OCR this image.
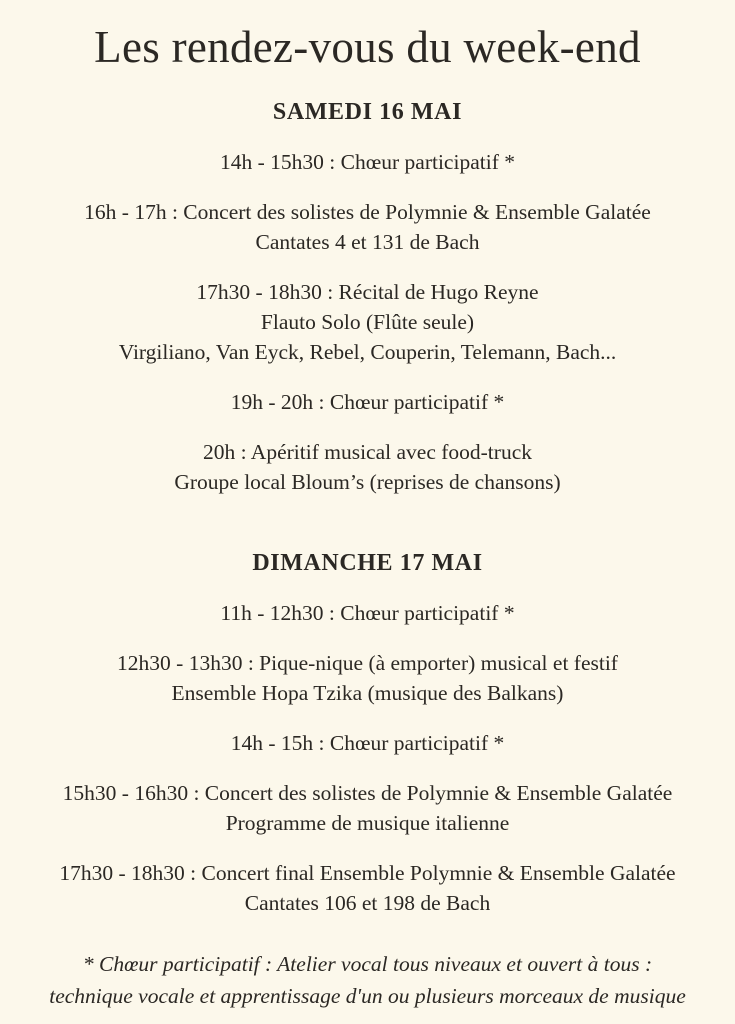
Les rendez-vous du week-end
SAMEDI 16 MAI

14h - 15h30 : Chœur participatif *

16h - 17h : Concert des solistes de Polymnie & Ensemble Galatée
Cantates 4 et 131 de Bach

17h30 - 18h30 : Récital de Hugo Reyne
Flauto Solo (Flûte seule)
Virgiliano, Van Eyck, Rebel, Couperin, Telemann, Bach...

19h - 20h : Chœur participatif *

20h : Apéritif musical avec food-truck
Groupe local Bloum’s (reprises de chansons)

DIMANCHE 17 MAI

11h - 12h30 : Chœur participatif *

12h30 - 13h30 : Pique-nique (à emporter) musical et festif
Ensemble Hopa Tzika (musique des Balkans)

14h - 15h : Chœur participatif *

15h30 - 16h30 : Concert des solistes de Polymnie & Ensemble Galatée
Programme de musique italienne

17h30 - 18h30 : Concert final Ensemble Polymnie & Ensemble Galatée
Cantates 106 et 198 de Bach

* Chœur participatif : Atelier vocal tous niveaux et ouvert à tous :
technique vocale et apprentissage d'un ou plusieurs morceaux de musique
